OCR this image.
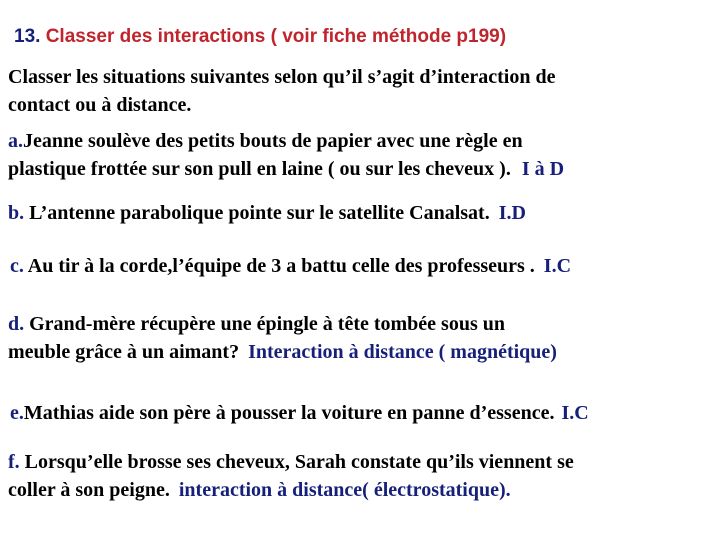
13. Classer des interactions ( voir fiche méthode p199)
Classer les situations suivantes selon qu’il s’agit d’interaction de
contact ou à distance.
a.Jeanne soulève des petits bouts de papier avec une règle en
plastique frottée sur son pull en laine ( ou sur les cheveux ). I à D
b. L’antenne parabolique pointe sur le satellite Canalsat. I.D
c. Au tir à la corde,l’équipe de 3 a battu celle des professeurs . I.C
d. Grand-mère récupère une épingle à tête tombée sous un
meuble grâce à un aimant? Interaction à distance ( magnétique)
e.Mathias aide son père à pousser la voiture en panne d’essence. I.C
f. Lorsqu’elle brosse ses cheveux, Sarah constate qu’ils viennent se
coller à son peigne. interaction à distance( électrostatique).
